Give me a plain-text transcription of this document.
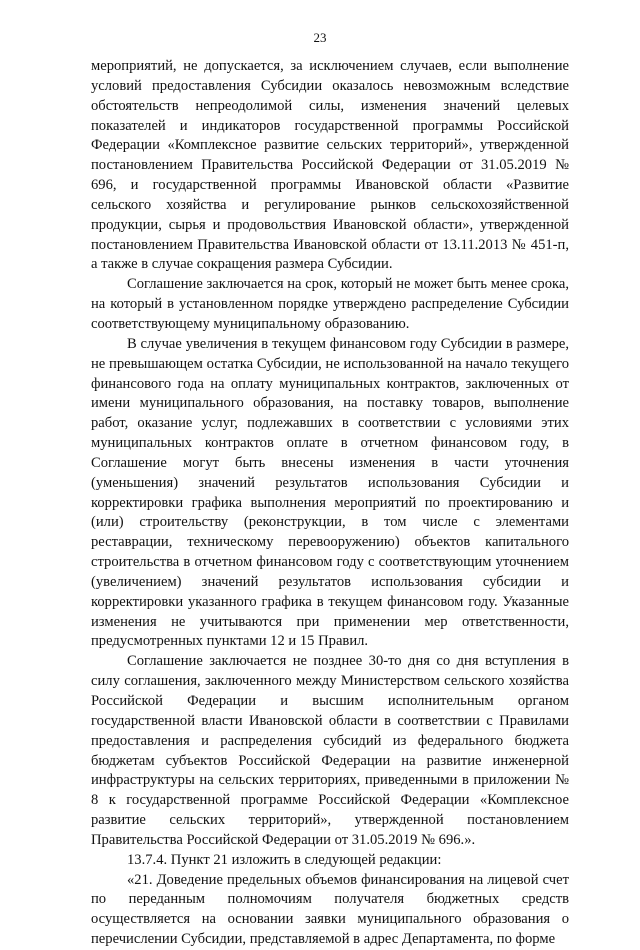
23

мероприятий, не допускается, за исключением случаев, если выполнение условий предоставления Субсидии оказалось невозможным вследствие обстоятельств непреодолимой силы, изменения значений целевых показателей и индикаторов государственной программы Российской Федерации «Комплексное развитие сельских территорий», утвержденной постановлением Правительства Российской Федерации от 31.05.2019 № 696, и государственной программы Ивановской области «Развитие сельского хозяйства и регулирование рынков сельскохозяйственной продукции, сырья и продовольствия Ивановской области», утвержденной постановлением Правительства Ивановской области от 13.11.2013 № 451-п, а также в случае сокращения размера Субсидии.

Соглашение заключается на срок, который не может быть менее срока, на который в установленном порядке утверждено распределение Субсидии соответствующему муниципальному образованию.

В случае увеличения в текущем финансовом году Субсидии в размере, не превышающем остатка Субсидии, не использованной на начало текущего финансового года на оплату муниципальных контрактов, заключенных от имени муниципального образования, на поставку товаров, выполнение работ, оказание услуг, подлежавших в соответствии с условиями этих муниципальных контрактов оплате в отчетном финансовом году, в Соглашение могут быть внесены изменения в части уточнения (уменьшения) значений результатов использования Субсидии и корректировки графика выполнения мероприятий по проектированию и (или) строительству (реконструкции, в том числе с элементами реставрации, техническому перевооружению) объектов капитального строительства в отчетном финансовом году с соответствующим уточнением (увеличением) значений результатов использования субсидии и корректировки указанного графика в текущем финансовом году. Указанные изменения не учитываются при применении мер ответственности, предусмотренных пунктами 12 и 15 Правил.

Соглашение заключается не позднее 30-то дня со дня вступления в силу соглашения, заключенного между Министерством сельского хозяйства Российской Федерации и высшим исполнительным органом государственной власти Ивановской области в соответствии с Правилами предоставления и распределения субсидий из федерального бюджета бюджетам субъектов Российской Федерации на развитие инженерной инфраструктуры на сельских территориях, приведенными в приложении № 8 к государственной программе Российской Федерации «Комплексное развитие сельских территорий», утвержденной постановлением Правительства Российской Федерации от 31.05.2019 № 696.».

13.7.4. Пункт 21 изложить в следующей редакции:

«21. Доведение предельных объемов финансирования на лицевой счет по переданным полномочиям получателя бюджетных средств осуществляется на основании заявки муниципального образования о перечислении Субсидии, представляемой в адрес Департамента, по форме
